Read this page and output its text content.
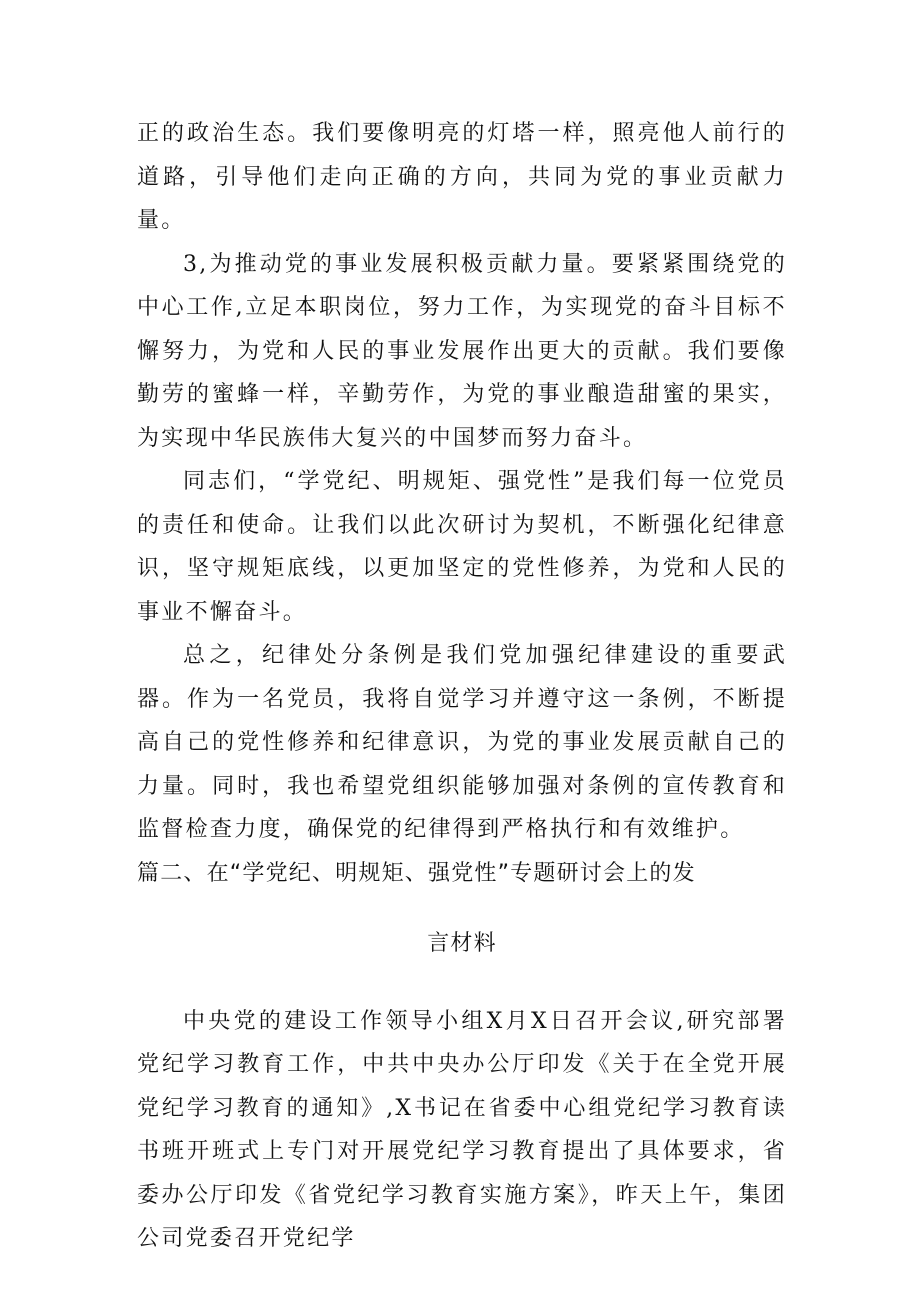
正的政治生态。我们要像明亮的灯塔一样，照亮他人前行的道路，引导他们走向正确的方向，共同为党的事业贡献力量。

3,为推动党的事业发展积极贡献力量。要紧紧围绕党的中心工作,立足本职岗位，努力工作，为实现党的奋斗目标不懈努力，为党和人民的事业发展作出更大的贡献。我们要像勤劳的蜜蜂一样，辛勤劳作，为党的事业酿造甜蜜的果实，为实现中华民族伟大复兴的中国梦而努力奋斗。

同志们，“学党纪、明规矩、强党性”是我们每一位党员的责任和使命。让我们以此次研讨为契机，不断强化纪律意识，坚守规矩底线，以更加坚定的党性修养，为党和人民的事业不懈奋斗。

总之，纪律处分条例是我们党加强纪律建设的重要武器。作为一名党员，我将自觉学习并遵守这一条例，不断提高自己的党性修养和纪律意识，为党的事业发展贡献自己的力量。同时，我也希望党组织能够加强对条例的宣传教育和监督检查力度，确保党的纪律得到严格执行和有效维护。

篇二、在“学党纪、明规矩、强党性”专题研讨会上的发
言材料

中央党的建设工作领导小组X月X日召开会议,研究部署党纪学习教育工作，中共中央办公厅印发《关于在全党开展党纪学习教育的通知》,X书记在省委中心组党纪学习教育读书班开班式上专门对开展党纪学习教育提出了具体要求，省委办公厅印发《省党纪学习教育实施方案》，昨天上午，集团公司党委召开党纪学
